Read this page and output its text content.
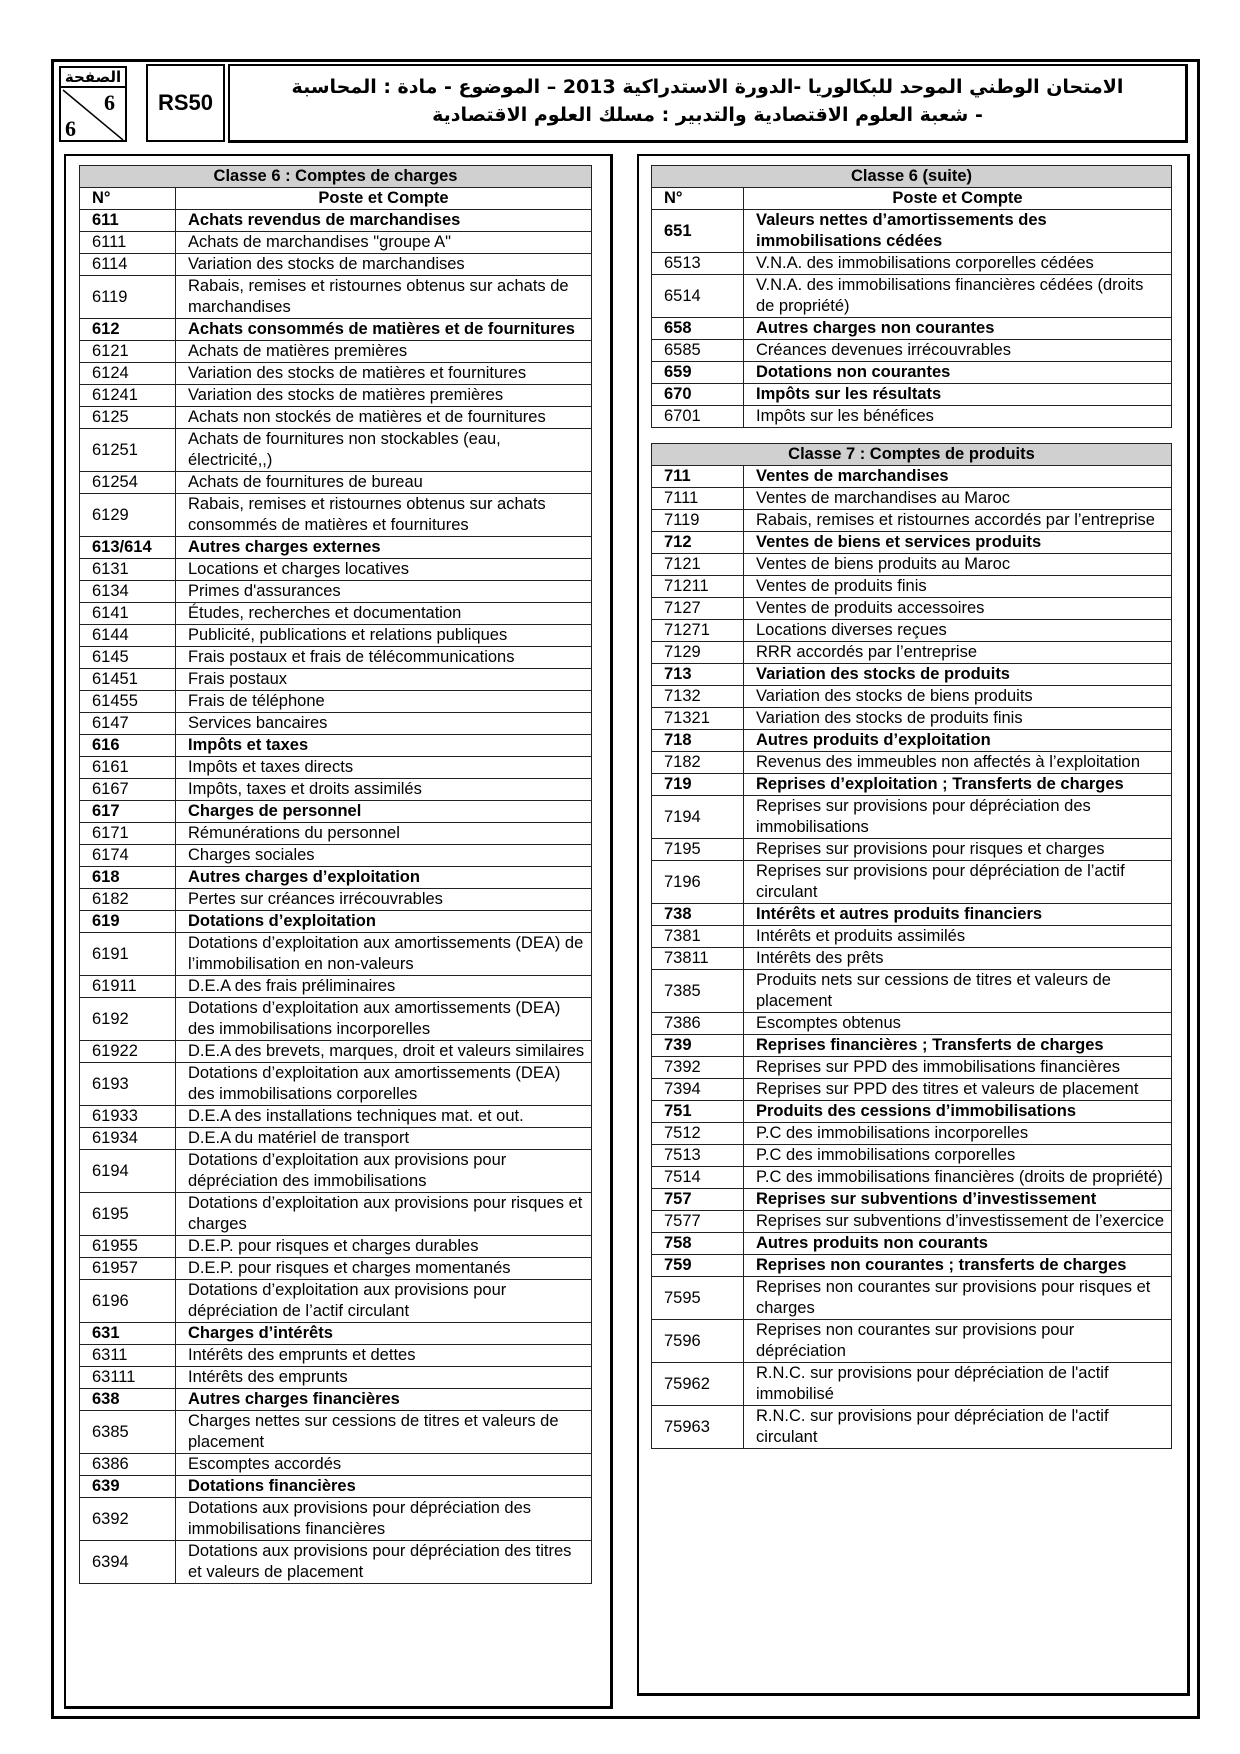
الصفحة
6
6
RS50
الامتحان الوطني الموحد للبكالوريا -الدورة الاستدراكية 2013 – الموضوع - مادة : المحاسبة
- شعبة العلوم الاقتصادية والتدبير : مسلك العلوم الاقتصادية
Classe 6 : Comptes de charges	
N°	Poste et Compte
611	Achats revendus de marchandises
6111	Achats de marchandises "groupe A"
6114	Variation des stocks de marchandises
6119	Rabais, remises et ristournes obtenus sur achats de marchandises
612	Achats consommés de matières et de fournitures
6121	Achats de matières premières
6124	Variation des stocks de matières et fournitures
61241	Variation des stocks de matières premières
6125	Achats non stockés de matières et de fournitures
61251	Achats de fournitures non stockables (eau, électricité,,)
61254	Achats de fournitures de bureau
6129	Rabais, remises et ristournes obtenus sur achats consommés de matières et fournitures
613/614	Autres charges externes
6131	Locations et charges locatives
6134	Primes d'assurances
6141	Études, recherches et documentation
6144	Publicité, publications et relations publiques
6145	Frais postaux et frais de télécommunications
61451	Frais postaux
61455	Frais de téléphone
6147	Services bancaires
616	Impôts et taxes
6161	Impôts et taxes directs
6167	Impôts, taxes et droits assimilés
617	Charges de personnel
6171	Rémunérations du personnel
6174	Charges sociales
618	Autres charges d’exploitation
6182	Pertes sur créances irrécouvrables
619	Dotations d’exploitation
6191	Dotations d’exploitation aux amortissements (DEA) de l’immobilisation en non-valeurs
61911	D.E.A des frais préliminaires
6192	Dotations d’exploitation aux amortissements (DEA) des immobilisations incorporelles
61922	D.E.A des brevets, marques, droit et valeurs similaires
6193	Dotations d’exploitation aux amortissements (DEA) des immobilisations corporelles
61933	D.E.A des installations techniques mat. et out.
61934	D.E.A du matériel de transport
6194	Dotations d’exploitation aux provisions pour dépréciation des immobilisations
6195	Dotations d’exploitation aux provisions pour risques et charges
61955	D.E.P. pour risques et charges durables
61957	D.E.P. pour risques et charges momentanés
6196	Dotations d’exploitation aux provisions pour dépréciation de l’actif circulant
631	Charges d’intérêts
6311	Intérêts des emprunts et dettes
63111	Intérêts des emprunts
638	Autres charges financières
6385	Charges nettes sur cessions de titres et valeurs de placement
6386	Escomptes accordés
639	Dotations financières
6392	Dotations aux provisions pour dépréciation des immobilisations financières
6394	Dotations aux provisions pour dépréciation des titres et valeurs de placement
Classe 6 (suite)	
N°	Poste et Compte
651	Valeurs nettes d’amortissements des immobilisations cédées
6513	V.N.A. des immobilisations corporelles cédées
6514	V.N.A. des immobilisations financières cédées (droits de propriété)
658	Autres charges non courantes
6585	Créances devenues irrécouvrables
659	Dotations non courantes
670	Impôts sur les résultats
6701	Impôts sur les bénéfices
Classe 7 : Comptes de produits	
711	Ventes de marchandises
7111	Ventes de marchandises au Maroc
7119	Rabais, remises et ristournes accordés par l’entreprise
712	Ventes de biens et services produits
7121	Ventes de biens produits au Maroc
71211	Ventes de produits finis
7127	Ventes de produits accessoires
71271	Locations diverses reçues
7129	RRR accordés par l’entreprise
713	Variation des stocks de produits
7132	Variation des stocks de biens produits
71321	Variation des stocks de produits finis
718	Autres produits d’exploitation
7182	Revenus des immeubles non affectés à l’exploitation
719	Reprises d’exploitation ; Transferts de charges
7194	Reprises sur provisions pour dépréciation des immobilisations
7195	Reprises sur provisions pour risques et charges
7196	Reprises sur provisions pour dépréciation de l’actif circulant
738	Intérêts et autres produits financiers
7381	Intérêts et produits assimilés
73811	Intérêts des prêts
7385	Produits nets sur cessions de titres et valeurs de placement
7386	Escomptes obtenus
739	Reprises financières ; Transferts de charges
7392	Reprises sur PPD des immobilisations financières
7394	Reprises sur PPD des titres et valeurs de placement
751	Produits des cessions d’immobilisations
7512	P.C des immobilisations incorporelles
7513	P.C des immobilisations corporelles
7514	P.C des immobilisations financières (droits de propriété)
757	Reprises sur subventions d’investissement
7577	Reprises sur subventions d’investissement de l’exercice
758	Autres produits non courants
759	Reprises non courantes ; transferts de charges
7595	Reprises non courantes sur provisions pour risques et charges
7596	Reprises non courantes sur provisions pour dépréciation
75962	R.N.C. sur provisions pour dépréciation de l'actif immobilisé
75963	R.N.C. sur provisions pour dépréciation de l'actif circulant
